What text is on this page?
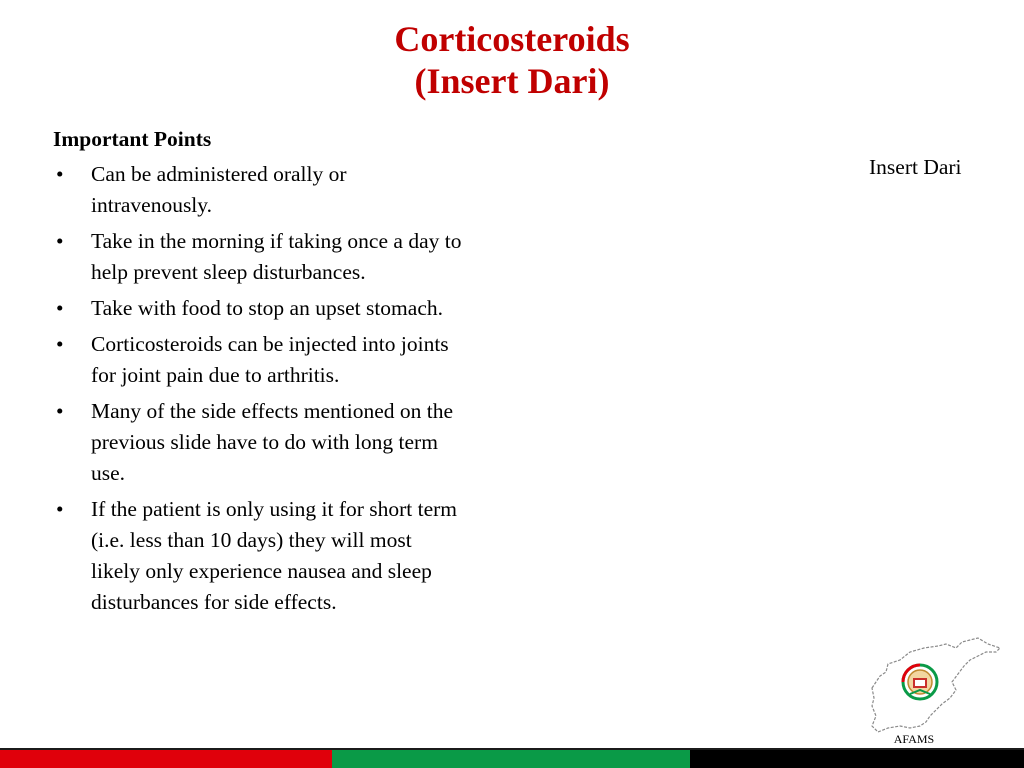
Corticosteroids
(Insert Dari)
Important Points
• Can be administered orally or intravenously.
• Take in the morning if taking once a day to help prevent sleep disturbances.
• Take with food to stop an upset stomach.
• Corticosteroids can be injected into joints for joint pain due to arthritis.
• Many of the side effects mentioned on the previous slide have to do with long term use.
• If the patient is only using it for short term (i.e. less than 10 days) they will most likely only experience nausea and sleep disturbances for side effects.
Insert Dari
AFAMS
